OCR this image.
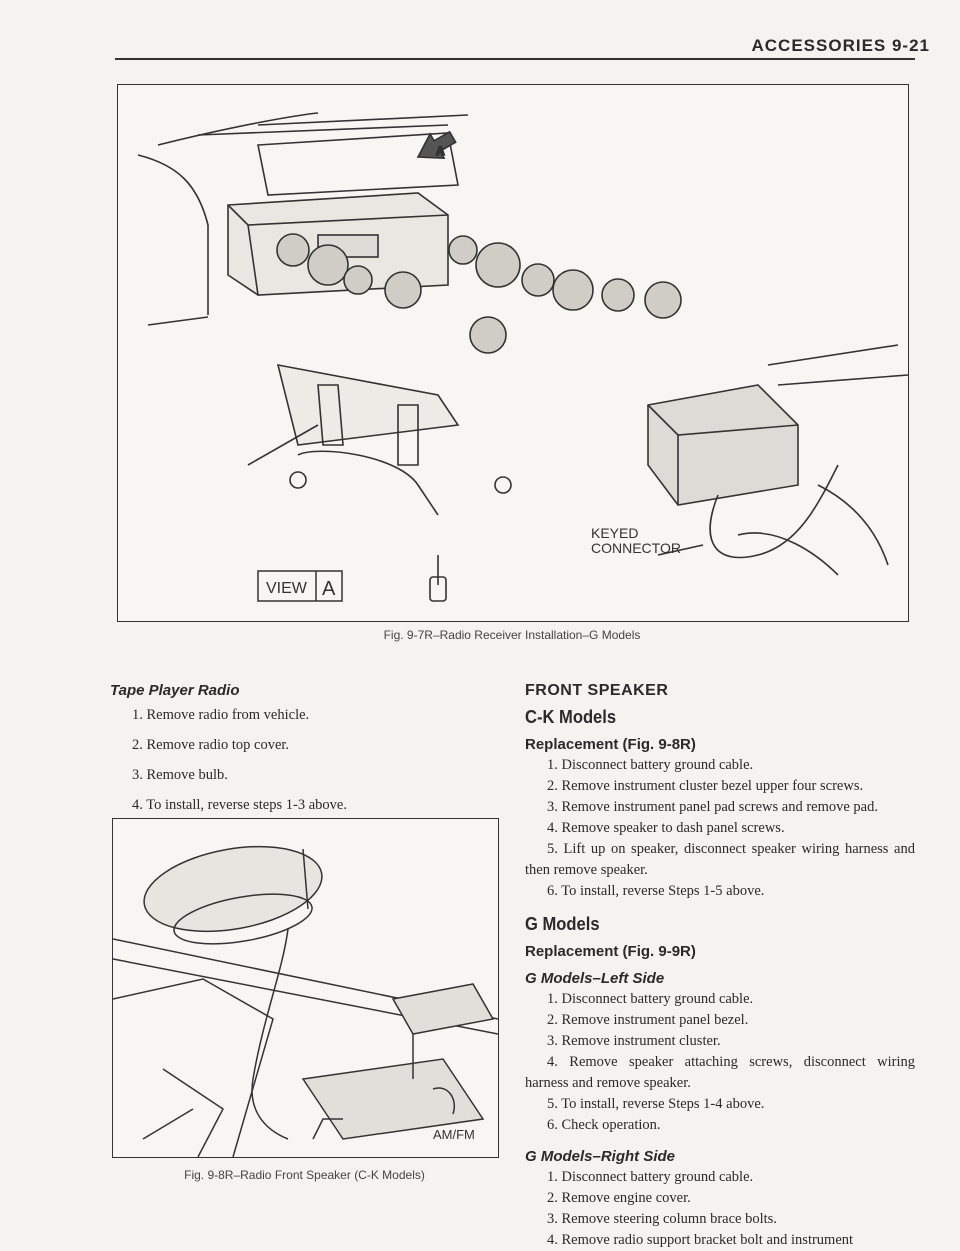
ACCESSORIES 9-21
A
VIEW A
KEYED
CONNECTOR
Fig. 9-7R–Radio Receiver Installation–G Models
Tape Player Radio
1. Remove radio from vehicle.
2. Remove radio top cover.
3. Remove bulb.
4. To install, reverse steps 1-3 above.
AM/FM
Fig. 9-8R–Radio Front Speaker (C-K Models)
FRONT SPEAKER
C-K Models
Replacement (Fig. 9-8R)
1. Disconnect battery ground cable.
2. Remove instrument cluster bezel upper four screws.
3. Remove instrument panel pad screws and remove pad.
4. Remove speaker to dash panel screws.
5. Lift up on speaker, disconnect speaker wiring harness and then remove speaker.
6. To install, reverse Steps 1-5 above.
G Models
Replacement (Fig. 9-9R)
G Models–Left Side
1. Disconnect battery ground cable.
2. Remove instrument panel bezel.
3. Remove instrument cluster.
4. Remove speaker attaching screws, disconnect wiring harness and remove speaker.
5. To install, reverse Steps 1-4 above.
6. Check operation.
G Models–Right Side
1. Disconnect battery ground cable.
2. Remove engine cover.
3. Remove steering column brace bolts.
4. Remove radio support bracket bolt and instrument
